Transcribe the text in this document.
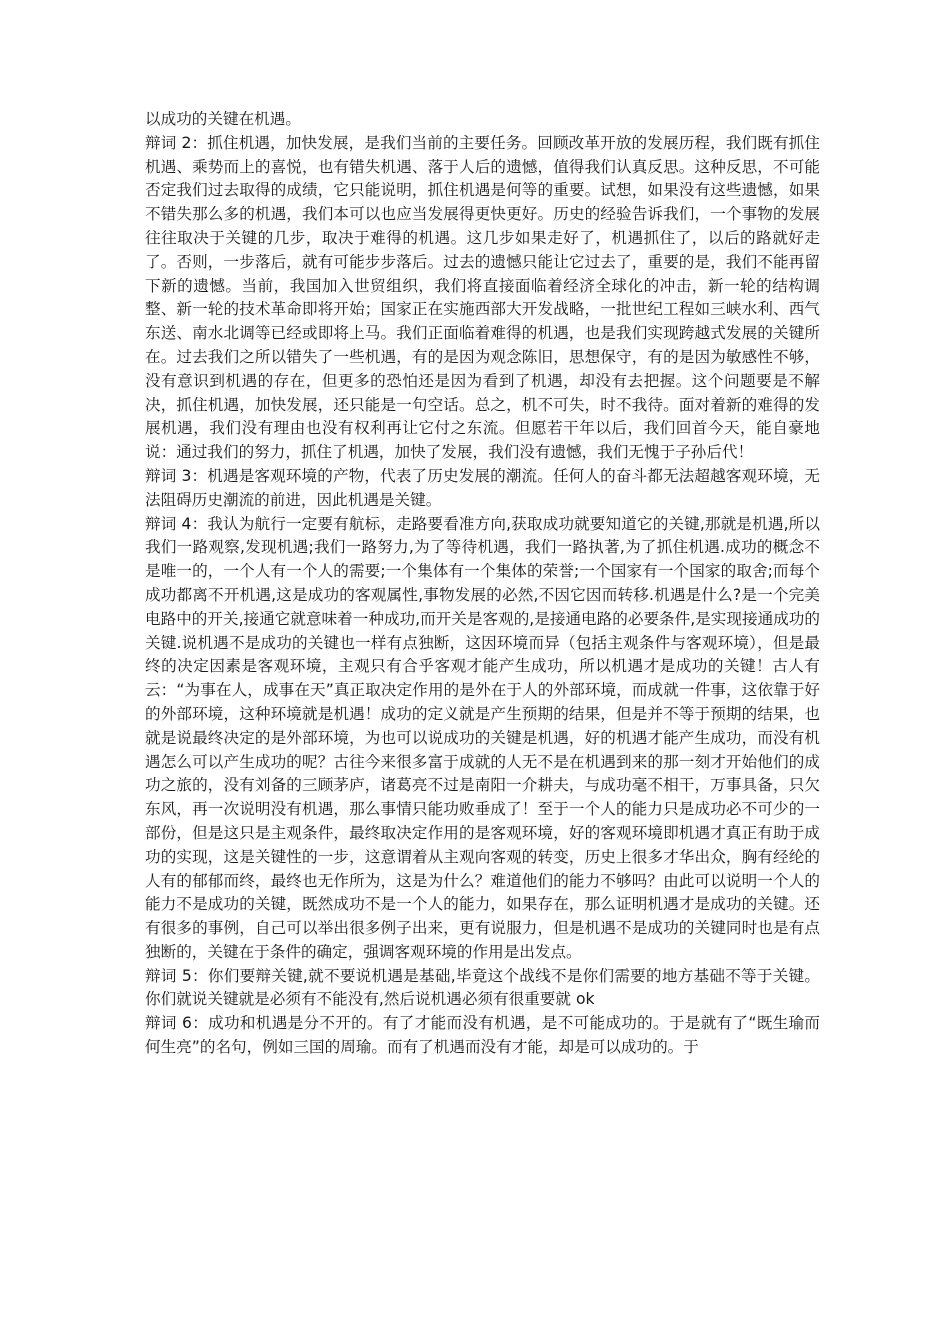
以成功的关键在机遇。

辩词 2：抓住机遇，加快发展，是我们当前的主要任务。回顾改革开放的发展历程，我们既有抓住机遇、乘势而上的喜悦，也有错失机遇、落于人后的遗憾，值得我们认真反思。这种反思，不可能否定我们过去取得的成绩，它只能说明，抓住机遇是何等的重要。试想，如果没有这些遗憾，如果不错失那么多的机遇，我们本可以也应当发展得更快更好。历史的经验告诉我们，一个事物的发展往往取决于关键的几步，取决于难得的机遇。这几步如果走好了，机遇抓住了，以后的路就好走了。否则，一步落后，就有可能步步落后。过去的遗憾只能让它过去了，重要的是，我们不能再留下新的遗憾。当前，我国加入世贸组织，我们将直接面临着经济全球化的冲击，新一轮的结构调整、新一轮的技术革命即将开始；国家正在实施西部大开发战略，一批世纪工程如三峡水利、西气东送、南水北调等已经或即将上马。我们正面临着难得的机遇，也是我们实现跨越式发展的关键所在。过去我们之所以错失了一些机遇，有的是因为观念陈旧，思想保守，有的是因为敏感性不够，没有意识到机遇的存在，但更多的恐怕还是因为看到了机遇，却没有去把握。这个问题要是不解决，抓住机遇，加快发展，还只能是一句空话。总之，机不可失，时不我待。面对着新的难得的发展机遇，我们没有理由也没有权利再让它付之东流。但愿若干年以后，我们回首今天，能自豪地说：通过我们的努力，抓住了机遇，加快了发展，我们没有遗憾，我们无愧于子孙后代！

辩词 3：机遇是客观环境的产物，代表了历史发展的潮流。任何人的奋斗都无法超越客观环境，无法阻碍历史潮流的前进，因此机遇是关键。

辩词 4：我认为航行一定要有航标，走路要看准方向,获取成功就要知道它的关键,那就是机遇,所以我们一路观察,发现机遇;我们一路努力,为了等待机遇，我们一路执著,为了抓住机遇.成功的概念不是唯一的，一个人有一个人的需要;一个集体有一个集体的荣誉;一个国家有一个国家的取舍;而每个成功都离不开机遇,这是成功的客观属性,事物发展的必然,不因它因而转移.机遇是什么?是一个完美电路中的开关,接通它就意味着一种成功,而开关是客观的,是接通电路的必要条件,是实现接通成功的关键.说机遇不是成功的关键也一样有点独断，这因环境而异（包括主观条件与客观环境），但是最终的决定因素是客观环境，主观只有合乎客观才能产生成功，所以机遇才是成功的关键！古人有云：“为事在人，成事在天”真正取决定作用的是外在于人的外部环境，而成就一件事，这依靠于好的外部环境，这种环境就是机遇！成功的定义就是产生预期的结果，但是并不等于预期的结果，也就是说最终决定的是外部环境，为也可以说成功的关键是机遇，好的机遇才能产生成功，而没有机遇怎么可以产生成功的呢？古往今来很多富于成就的人无不是在机遇到来的那一刻才开始他们的成功之旅的，没有刘备的三顾茅庐，诸葛亮不过是南阳一介耕夫，与成功毫不相干，万事具备，只欠东风，再一次说明没有机遇，那么事情只能功败垂成了！至于一个人的能力只是成功必不可少的一部份，但是这只是主观条件，最终取决定作用的是客观环境，好的客观环境即机遇才真正有助于成功的实现，这是关键性的一步，这意谓着从主观向客观的转变，历史上很多才华出众，胸有经纶的人有的郁郁而终，最终也无作所为，这是为什么？难道他们的能力不够吗？由此可以说明一个人的能力不是成功的关键，既然成功不是一个人的能力，如果存在，那么证明机遇才是成功的关键。还有很多的事例，自己可以举出很多例子出来，更有说服力，但是机遇不是成功的关键同时也是有点独断的，关键在于条件的确定，强调客观环境的作用是出发点。

辩词 5：你们要辩关键,就不要说机遇是基础,毕竟这个战线不是你们需要的地方基础不等于关键。你们就说关键就是必须有不能没有,然后说机遇必须有很重要就 ok

辩词 6：成功和机遇是分不开的。有了才能而没有机遇，是不可能成功的。于是就有了“既生瑜而何生亮”的名句，例如三国的周瑜。而有了机遇而没有才能，却是可以成功的。于
